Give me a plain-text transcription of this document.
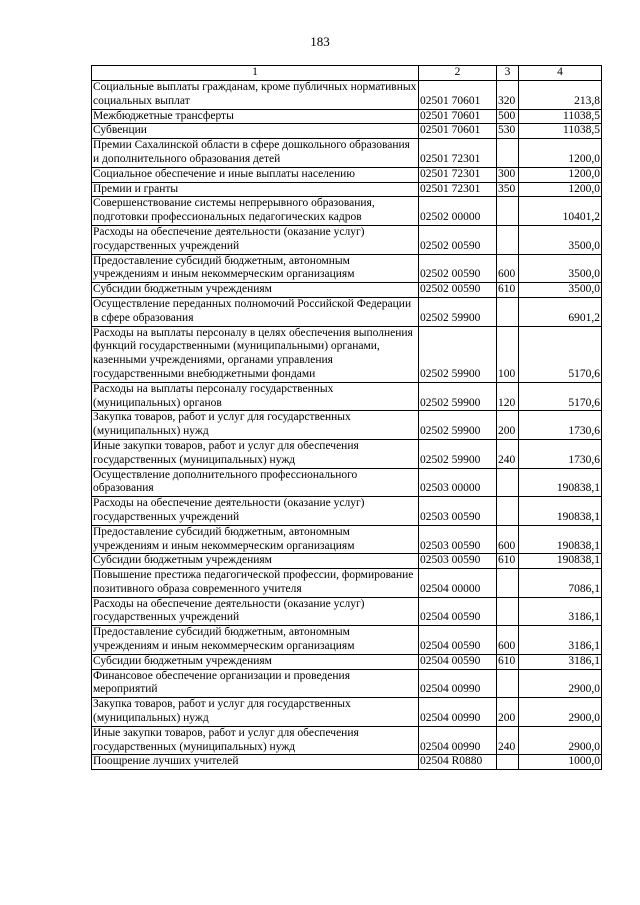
183
1	2	3	4
Социальные выплаты гражданам, кроме публичных нормативных социальных выплат	02501 70601	320	213,8
Межбюджетные трансферты	02501 70601	500	11038,5
Субвенции	02501 70601	530	11038,5
Премии Сахалинской области в сфере дошкольного образования и дополнительного образования детей	02501 72301		1200,0
Социальное обеспечение и иные выплаты населению	02501 72301	300	1200,0
Премии и гранты	02501 72301	350	1200,0
Совершенствование системы непрерывного образования, подготовки профессиональных педагогических кадров	02502 00000		10401,2
Расходы на обеспечение деятельности (оказание услуг) государственных учреждений	02502 00590		3500,0
Предоставление субсидий бюджетным, автономным учреждениям и иным некоммерческим организациям	02502 00590	600	3500,0
Субсидии бюджетным учреждениям	02502 00590	610	3500,0
Осуществление переданных полномочий Российской Федерации в сфере образования	02502 59900		6901,2
Расходы на выплаты персоналу в целях обеспечения выполнения функций государственными (муниципальными) органами, казенными учреждениями, органами управления государственными внебюджетными фондами	02502 59900	100	5170,6
Расходы на выплаты персоналу государственных (муниципальных) органов	02502 59900	120	5170,6
Закупка товаров, работ и услуг для государственных (муниципальных) нужд	02502 59900	200	1730,6
Иные закупки товаров, работ и услуг для обеспечения государственных (муниципальных) нужд	02502 59900	240	1730,6
Осуществление дополнительного профессионального образования	02503 00000		190838,1
Расходы на обеспечение деятельности (оказание услуг) государственных учреждений	02503 00590		190838,1
Предоставление субсидий бюджетным, автономным учреждениям и иным некоммерческим организациям	02503 00590	600	190838,1
Субсидии бюджетным учреждениям	02503 00590	610	190838,1
Повышение престижа педагогической профессии, формирование позитивного образа современного учителя	02504 00000		7086,1
Расходы на обеспечение деятельности (оказание услуг) государственных учреждений	02504 00590		3186,1
Предоставление субсидий бюджетным, автономным учреждениям и иным некоммерческим организациям	02504 00590	600	3186,1
Субсидии бюджетным учреждениям	02504 00590	610	3186,1
Финансовое обеспечение организации и проведения мероприятий	02504 00990		2900,0
Закупка товаров, работ и услуг для государственных (муниципальных) нужд	02504 00990	200	2900,0
Иные закупки товаров, работ и услуг для обеспечения государственных (муниципальных) нужд	02504 00990	240	2900,0
Поощрение лучших учителей	02504 R0880		1000,0
